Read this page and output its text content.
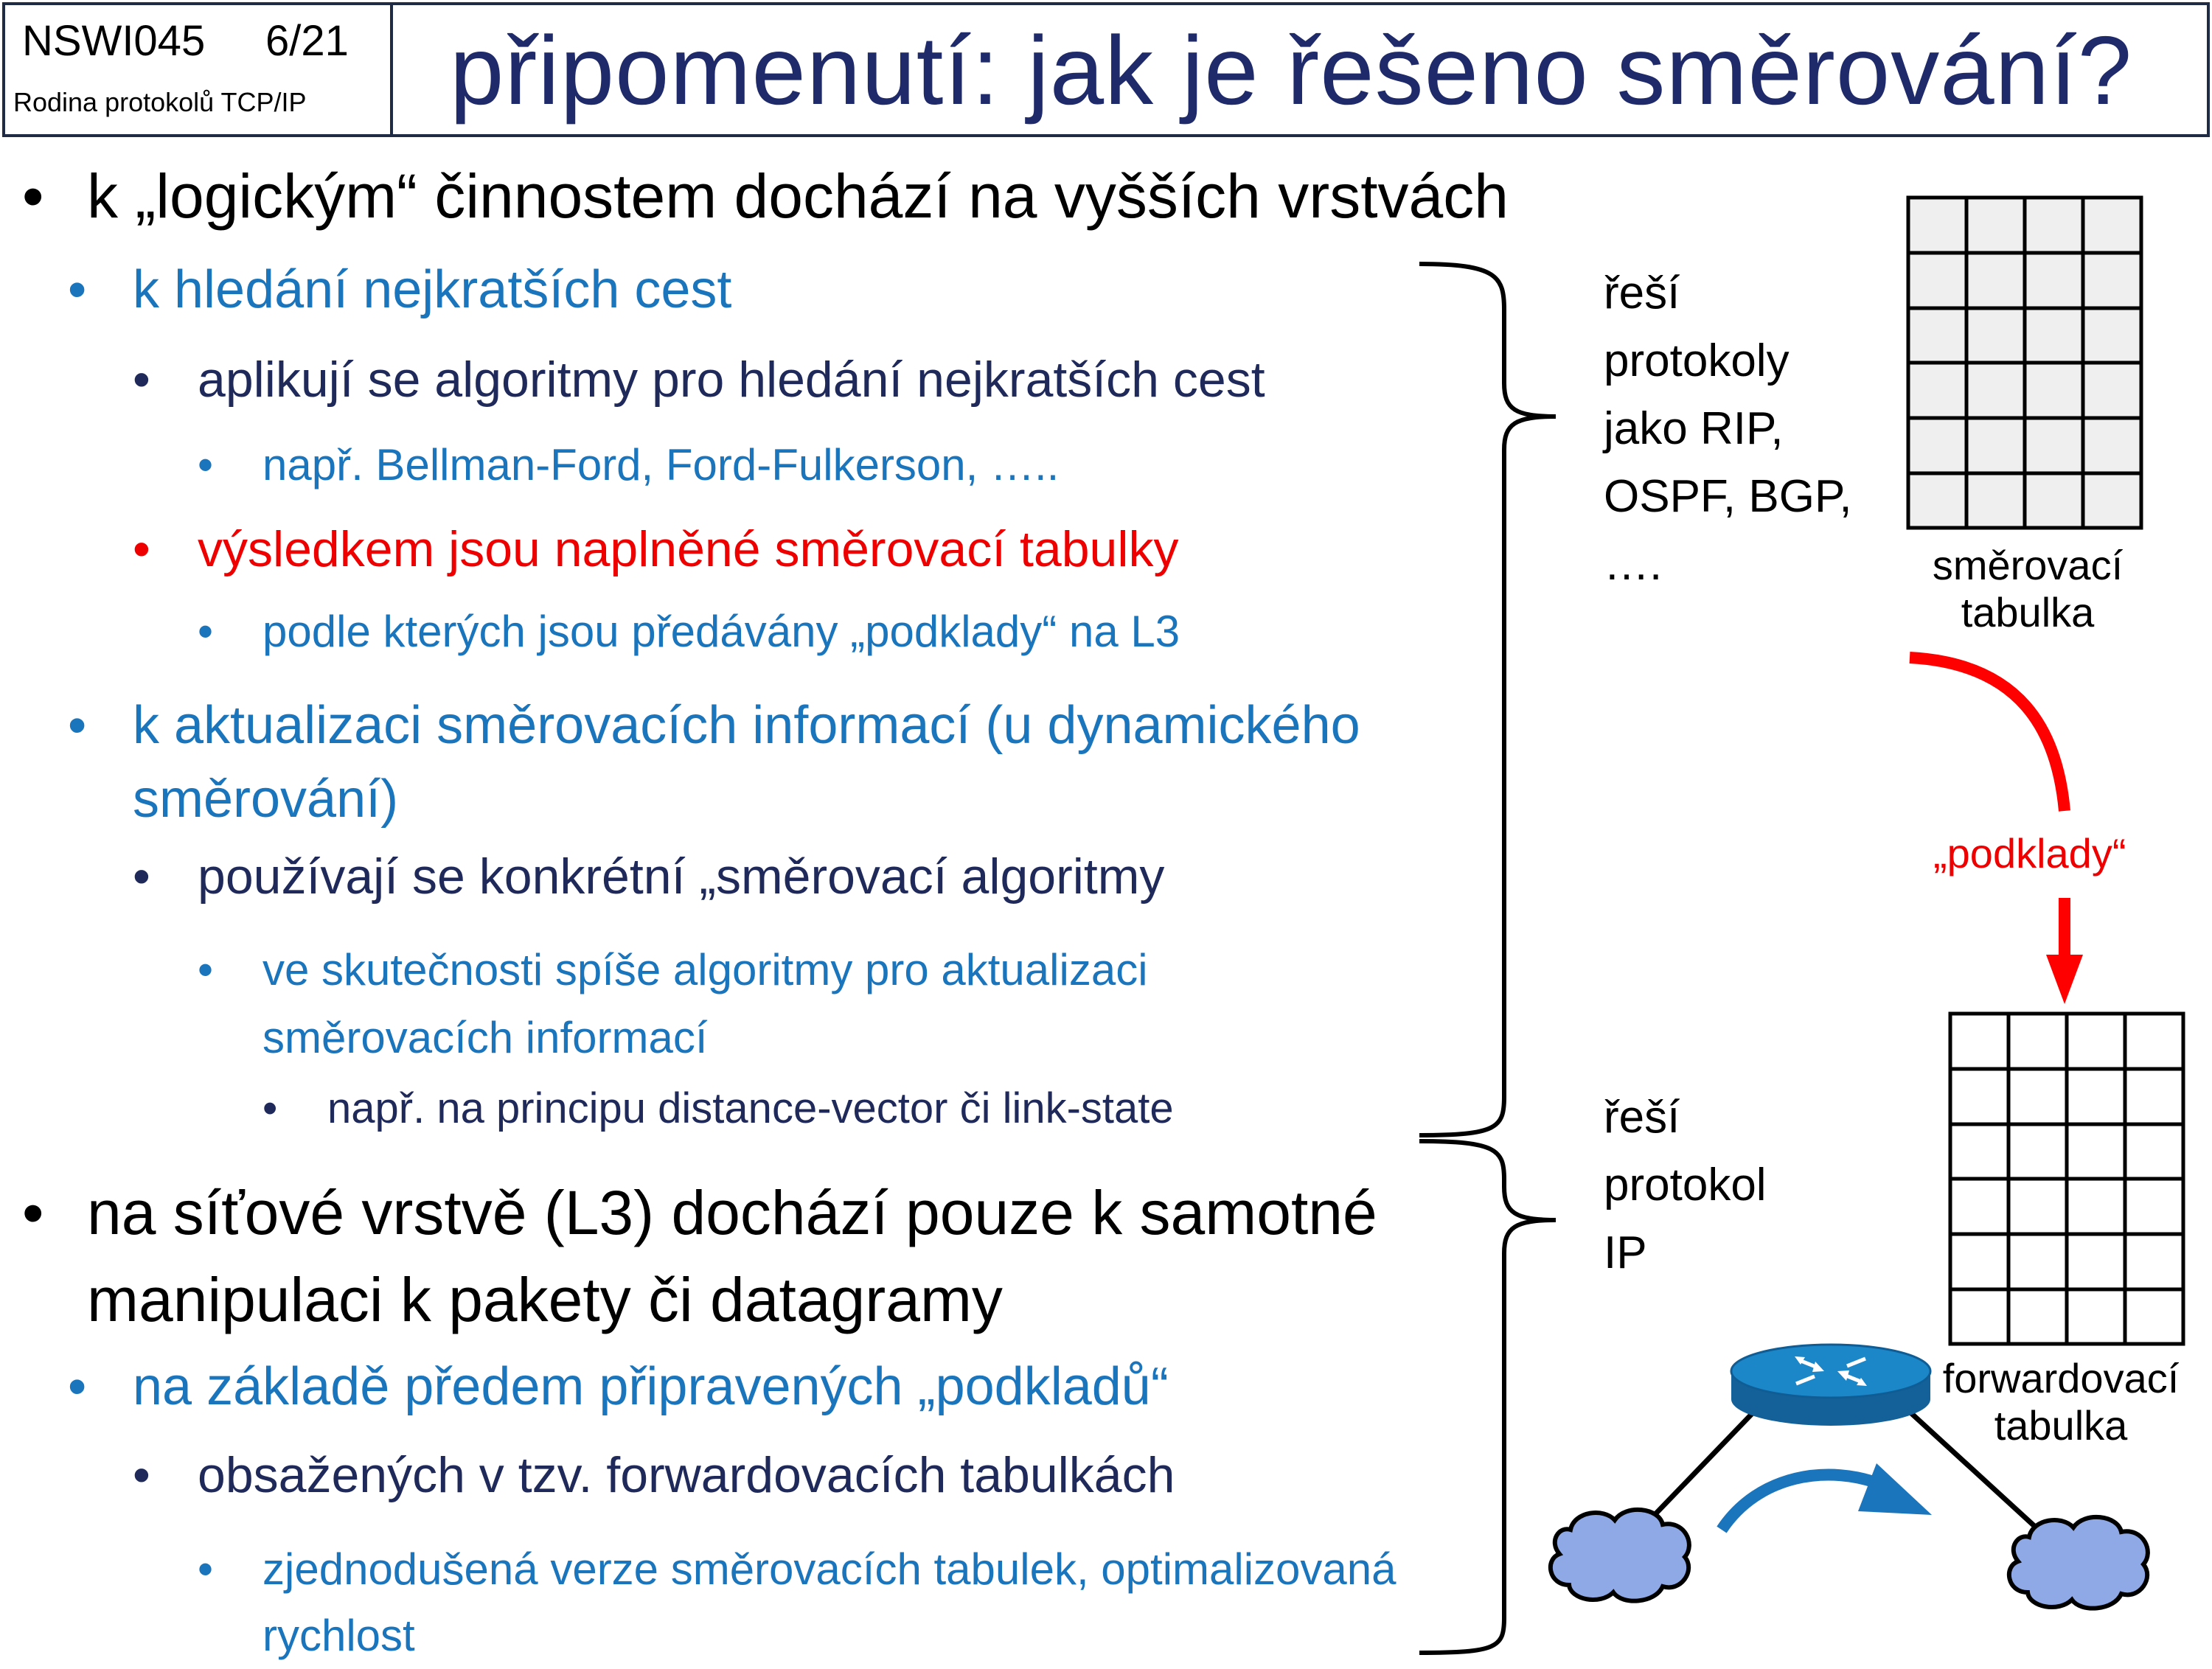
NSWI045 6/21
Rodina protokolů TCP/IP připomenutí: jak je řešeno směrování?
• k „logickým“ činnostem dochází na vyšších vrstvách
• k hledání nejkratších cest
• aplikují se algoritmy pro hledání nejkratších cest
• např. Bellman-Ford, Ford-Fulkerson, …..
• výsledkem jsou naplněné směrovací tabulky
• podle kterých jsou předávány „podklady“ na L3
• k aktualizaci směrovacích informací (u dynamického
směrování)
• používají se konkrétní „směrovací algoritmy
• ve skutečnosti spíše algoritmy pro aktualizaci
směrovacích informací
• např. na principu distance-vector či link-state
• na síťové vrstvě (L3) dochází pouze k samotné
manipulaci k pakety či datagramy
• na základě předem připravených „podkladů“
• obsažených v tzv. forwardovacích tabulkách
• zjednodušená verze směrovacích tabulek, optimalizovaná
rychlost
řeší
protokoly
jako RIP,
OSPF, BGP,
….
řeší
protokol
IP
směrovací
tabulka
„podklady“
forwardovací
tabulka
